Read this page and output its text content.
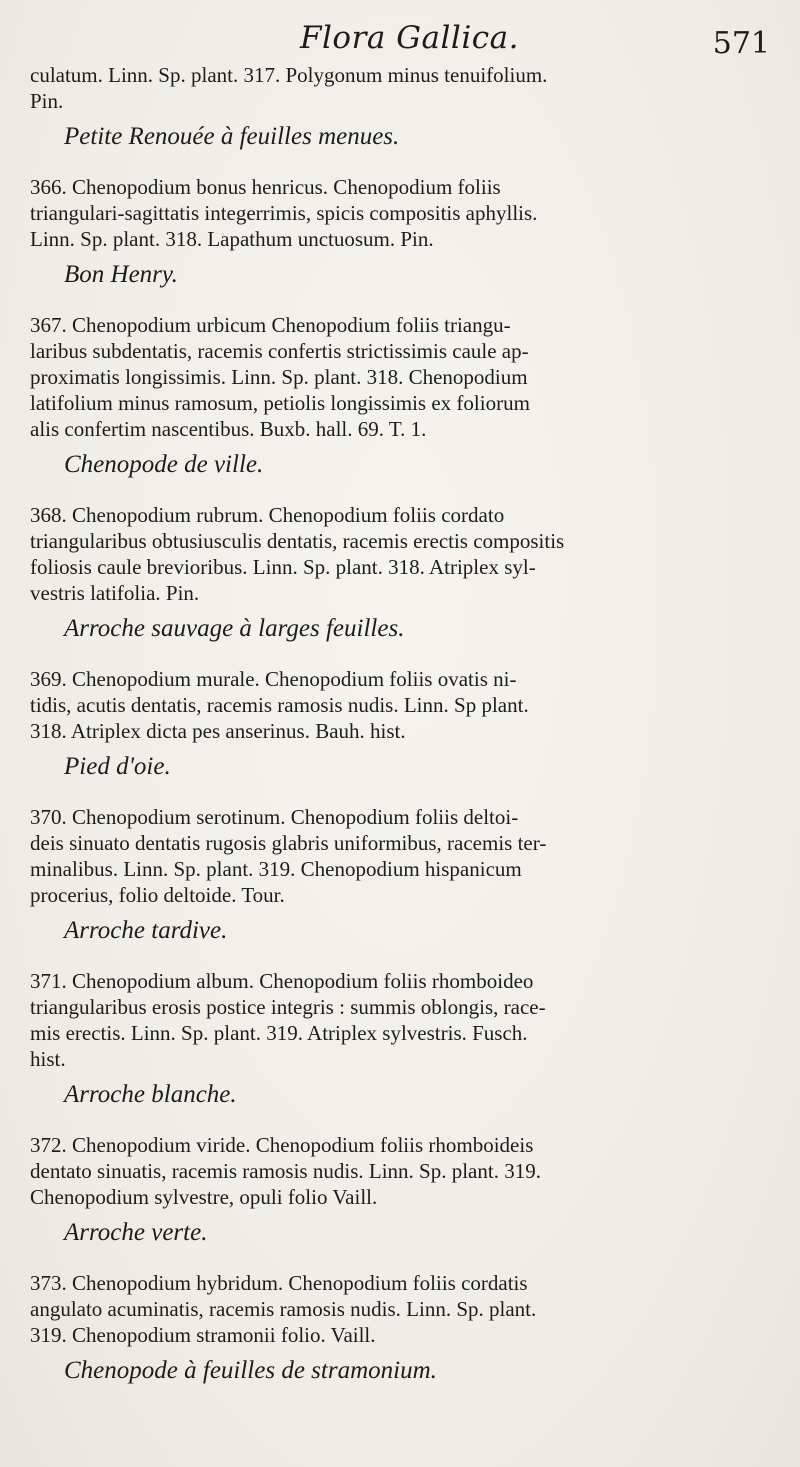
Flora Gallica.	571
culatum. Linn. Sp. plant. 317. Polygonum minus tenuifolium.
Pin.
Petite Renouée à feuilles menues.
366. Chenopodium bonus henricus. Chenopodium foliis
triangulari-sagittatis integerrimis, spicis compositis aphyllis.
Linn. Sp. plant. 318. Lapathum unctuosum. Pin.
Bon Henry.
367. Chenopodium urbicum Chenopodium foliis triangu-
laribus subdentatis, racemis confertis strictissimis caule ap-
proximatis longissimis. Linn. Sp. plant. 318. Chenopodium
latifolium minus ramosum, petiolis longissimis ex foliorum
alis confertim nascentibus. Buxb. hall. 69. T. 1.
Chenopode de ville.
368. Chenopodium rubrum. Chenopodium foliis cordato
triangularibus obtusiusculis dentatis, racemis erectis compositis
foliosis caule brevioribus. Linn. Sp. plant. 318. Atriplex syl-
vestris latifolia. Pin.
Arroche sauvage à larges feuilles.
369. Chenopodium murale. Chenopodium foliis ovatis ni-
tidis, acutis dentatis, racemis ramosis nudis. Linn. Sp plant.
318. Atriplex dicta pes anserinus. Bauh. hist.
Pied d'oie.
370. Chenopodium serotinum. Chenopodium foliis deltoi-
deis sinuato dentatis rugosis glabris uniformibus, racemis ter-
minalibus. Linn. Sp. plant. 319. Chenopodium hispanicum
procerius, folio deltoide. Tour.
Arroche tardive.
371. Chenopodium album. Chenopodium foliis rhomboideo
triangularibus erosis postice integris : summis oblongis, race-
mis erectis. Linn. Sp. plant. 319. Atriplex sylvestris. Fusch.
hist.
Arroche blanche.
372. Chenopodium viride. Chenopodium foliis rhomboideis
dentato sinuatis, racemis ramosis nudis. Linn. Sp. plant. 319.
Chenopodium sylvestre, opuli folio Vaill.
Arroche verte.
373. Chenopodium hybridum. Chenopodium foliis cordatis
angulato acuminatis, racemis ramosis nudis. Linn. Sp. plant.
319. Chenopodium stramonii folio. Vaill.
Chenopode à feuilles de stramonium.
